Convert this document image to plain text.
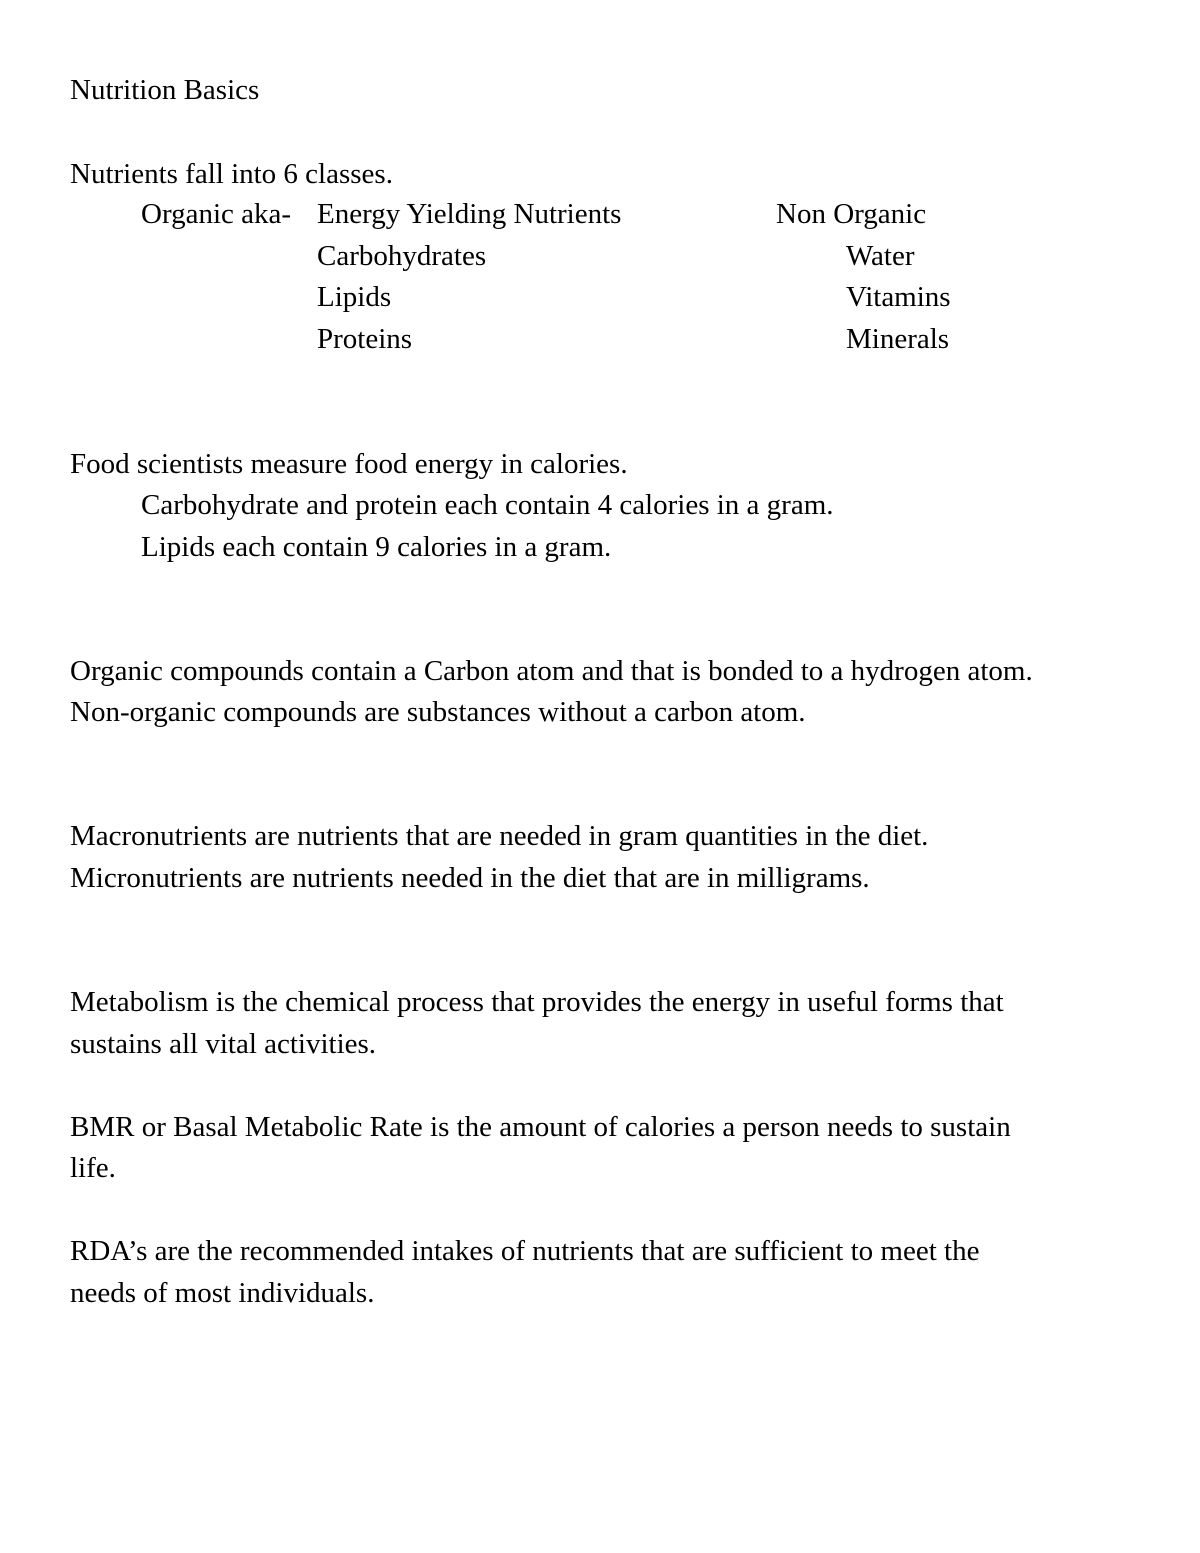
Nutrition Basics
Nutrients fall into 6 classes.
Organic aka- Energy Yielding Nutrients	Non Organic
Carbohydrates	Water
Lipids	Vitamins
Proteins	Minerals
Food scientists measure food energy in calories.
Carbohydrate and protein each contain 4 calories in a gram.
Lipids each contain 9 calories in a gram.
Organic compounds contain a Carbon atom and that is bonded to a hydrogen atom.
Non-organic compounds are substances without a carbon atom.
Macronutrients are nutrients that are needed in gram quantities in the diet.
Micronutrients are nutrients needed in the diet that are in milligrams.
Metabolism is the chemical process that provides the energy in useful forms that
sustains all vital activities.
BMR or Basal Metabolic Rate is the amount of calories a person needs to sustain
life.
RDA’s are the recommended intakes of nutrients that are sufficient to meet the
needs of most individuals.
